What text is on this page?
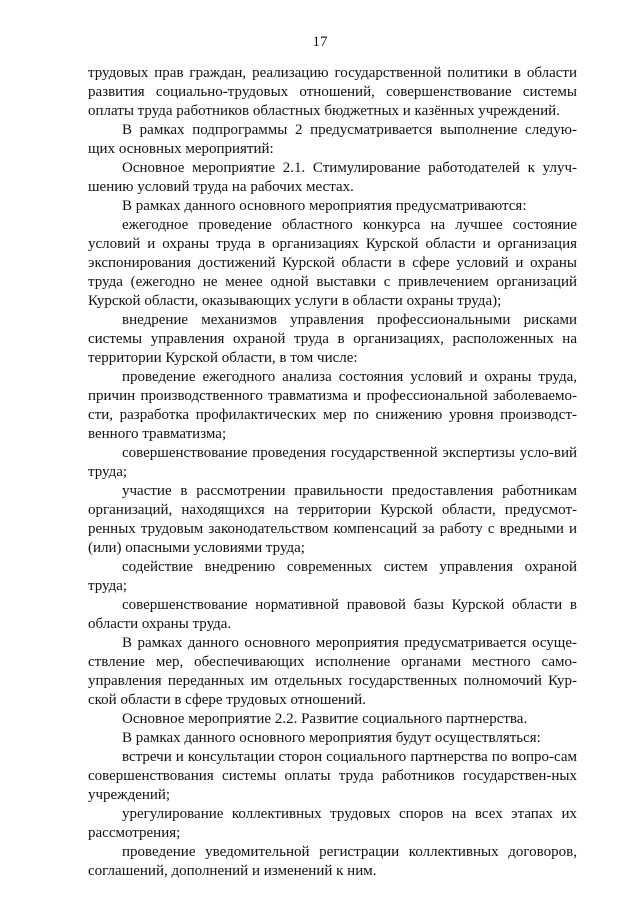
17

трудовых прав граждан, реализацию государственной политики в области развития социально-трудовых отношений, совершенствование системы оплаты труда работников областных бюджетных и казённых учреждений.

В рамках подпрограммы 2 предусматривается выполнение следую-щих основных мероприятий:

Основное мероприятие 2.1. Стимулирование работодателей к улуч-шению условий труда на рабочих местах.

В рамках данного основного мероприятия предусматриваются:

ежегодное проведение областного конкурса на лучшее состояние условий и охраны труда в организациях Курской области и организация экспонирования достижений Курской области в сфере условий и охраны труда (ежегодно не менее одной выставки с привлечением организаций Курской области, оказывающих услуги в области охраны труда);

внедрение механизмов управления профессиональными рисками системы управления охраной труда в организациях, расположенных на территории Курской области, в том числе:

проведение ежегодного анализа состояния условий и охраны труда, причин производственного травматизма и профессиональной заболеваемо-сти, разработка профилактических мер по снижению уровня производст-венного травматизма;

совершенствование проведения государственной экспертизы усло-вий труда;

участие в рассмотрении правильности предоставления работникам организаций, находящихся на территории Курской области, предусмот-ренных трудовым законодательством компенсаций за работу с вредными и (или) опасными условиями труда;

содействие внедрению современных систем управления охраной труда;

совершенствование нормативной правовой базы Курской области в области охраны труда.

В рамках данного основного мероприятия предусматривается осуще-ствление мер, обеспечивающих исполнение органами местного само-управления переданных им отдельных государственных полномочий Кур-ской области в сфере трудовых отношений.

Основное мероприятие 2.2. Развитие социального партнерства.

В рамках данного основного мероприятия будут осуществляться:

встречи и консультации сторон социального партнерства по вопро-сам совершенствования системы оплаты труда работников государствен-ных учреждений;

урегулирование коллективных трудовых споров на всех этапах их рассмотрения;

проведение уведомительной регистрации коллективных договоров, соглашений, дополнений и изменений к ним.
